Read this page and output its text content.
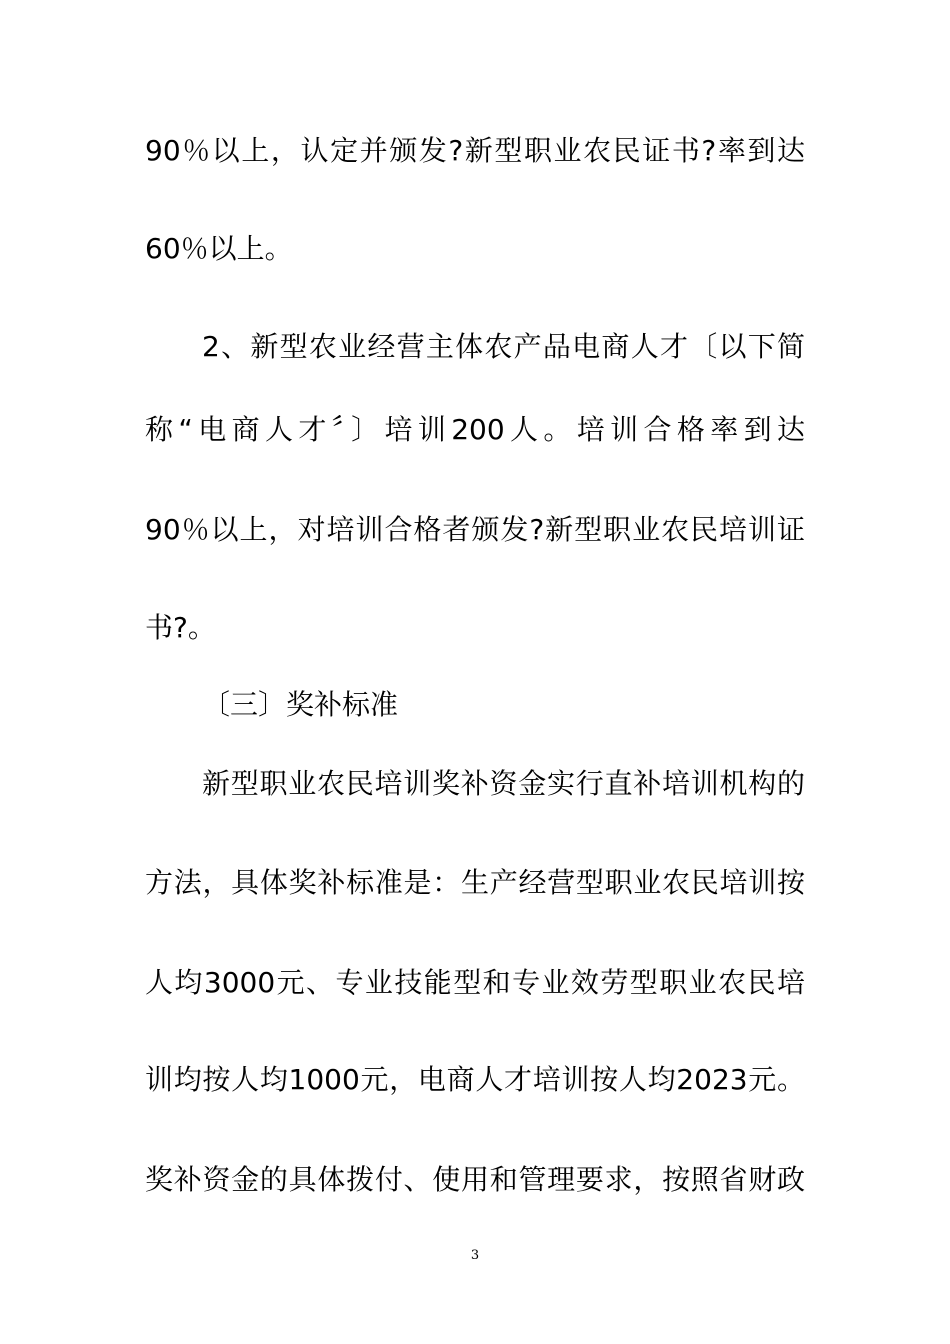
90％以上，认定并颁发?新型职业农民证书?率到达
60％以上。
2、新型农业经营主体农产品电商人才〔以下简
称“电商人才〞〕培训200人。培训合格率到达
90％以上，对培训合格者颁发?新型职业农民培训证
书?。
〔三〕奖补标准
新型职业农民培训奖补资金实行直补培训机构的
方法，具体奖补标准是：生产经营型职业农民培训按
人均3000元、专业技能型和专业效劳型职业农民培
训均按人均1000元，电商人才培训按人均2023元。
奖补资金的具体拨付、使用和管理要求，按照省财政
3
